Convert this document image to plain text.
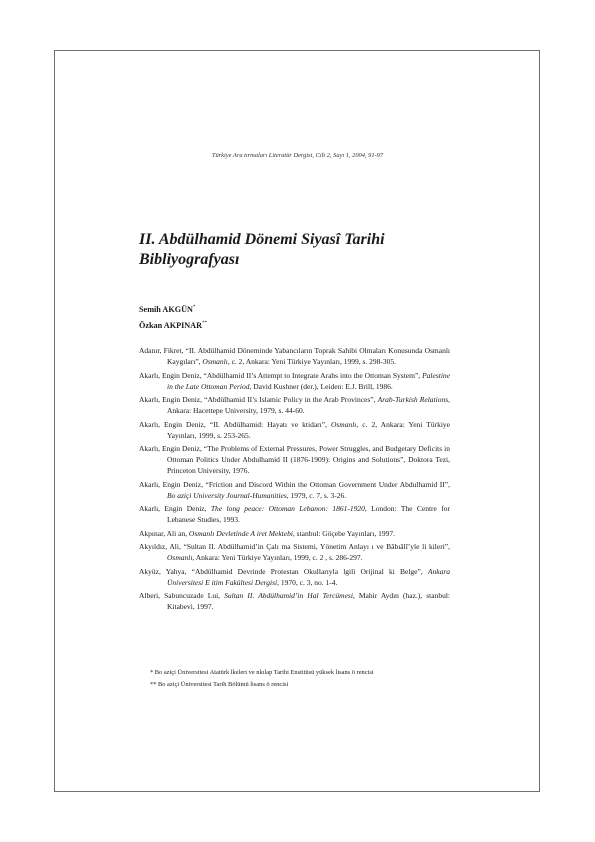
Türkiye Ara tırmaları Literatür Dergisi, Cilt 2, Sayı 1, 2004, 91-97
II. Abdülhamid Dönemi Siyasî Tarihi
Bibliyografyası
Semih AKGÜN*
Özkan AKPINAR**
Adanır, Fikret, “II. Abdülhamid Döneminde Yabancıların Toprak Sahibi Olmaları Konusunda Osmanlı Kaygıları”, Osmanlı, c. 2, Ankara: Yeni Türkiye Yayınları, 1999, s. 298-305.
Akarlı, Engin Deniz, “Abdülhamid II’s Attempt to Integrate Arabs into the Ottoman System”, Palestine in the Late Ottoman Period, David Kushner (der.), Leiden: E.J. Brill, 1986.
Akarlı, Engin Deniz, “Abdülhamid II’s Islamic Policy in the Arab Provinces”, Arab-Turkish Relations, Ankara: Hacettepe University, 1979, s. 44-60.
Akarlı, Engin Deniz, “II. Abdülhamid: Hayatı ve ktidarı”, Osmanlı, c. 2, Ankara: Yeni Türkiye Yayınları, 1999, s. 253-265.
Akarlı, Engin Deniz, “The Problems of External Pressures, Power Struggles, and Budgetary Deficits in Ottoman Politics Under Abdulhamid II (1876-1909): Origins and Solutions”, Doktora Tezi, Princeton University, 1976.
Akarlı, Engin Deniz, “Friction and Discord Within the Ottoman Government Under Abdulhamid II”, Bo aziçi University Journal-Humanities, 1979, c. 7, s. 3-26.
Akarlı, Engin Deniz, The long peace: Ottoman Lebanon: 1861-1920, London: The Centre for Lebanese Studies, 1993.
Akpınar, Ali an, Osmanlı Devletinde A iret Mektebi, stanbul: Göçebe Yayınları, 1997.
Akyıldız, Ali, “Sultan II. Abdülhamid’in Çalı ma Sistemi, Yönetim Anlayı ı ve Bâbıâlî’yle li kileri”, Osmanlı, Ankara: Yeni Türkiye Yayınları, 1999, c. 2 , s. 286-297.
Akyüz, Yahya, “Abdülhamid Devrinde Protestan Okullarıyla lgili Orijinal ki Belge”, Ankara Üniversitesi E itim Fakültesi Dergisi, 1970, c. 3, no. 1-4.
Alberi, Sabuncuzade Lui, Sultan II. Abdülhamid’in Hal Tercümesi, Mahir Aydın (haz.), stanbul: Kitabevi, 1997.
* Bo aziçi Üniversitesi Atatürk lkeleri ve nkılap Tarihi Enstitüsü yüksek lisans ö rencisi
** Bo aziçi Üniversitesi Tarih Bölümü lisans ö rencisi
